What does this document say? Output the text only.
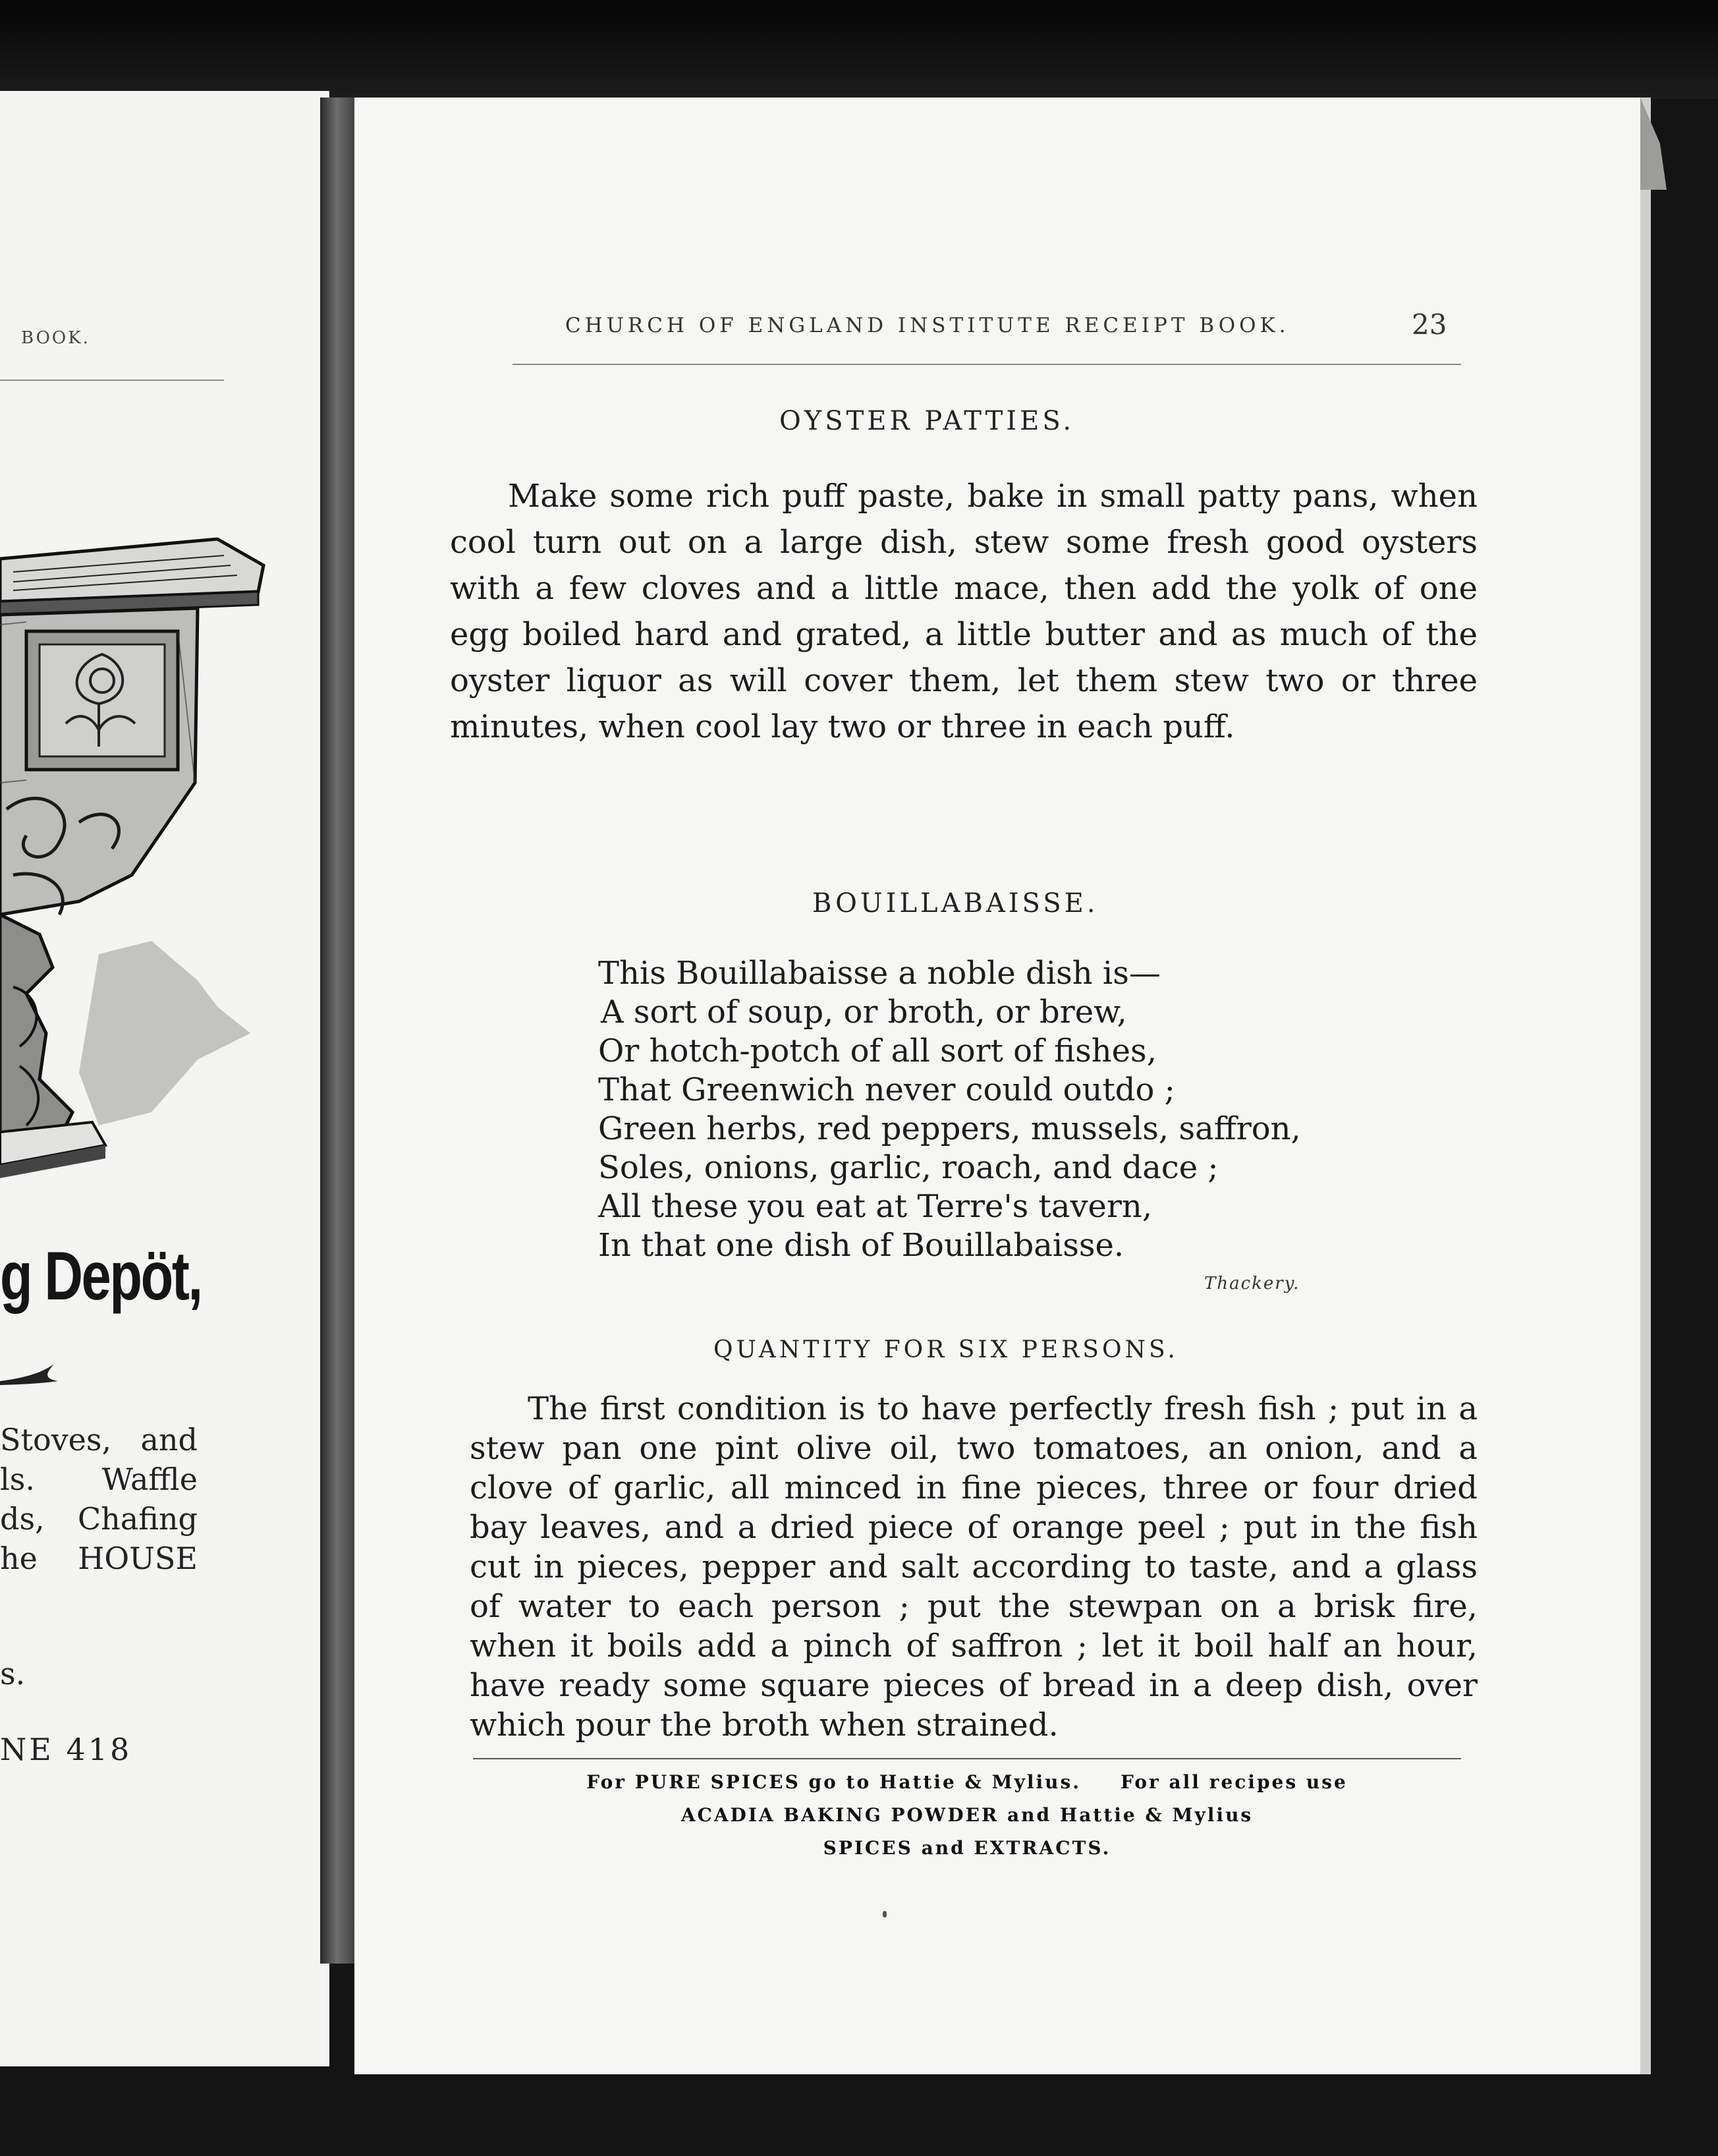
BOOK.
g Depöt,
Stoves, and
ls. Waffle
ds, Chafing
he HOUSE
s.
NE 418
CHURCH OF ENGLAND INSTITUTE RECEIPT BOOK.	23
OYSTER PATTIES.
Make some rich puff paste, bake in small patty pans, when cool turn out on a large dish, stew some fresh good oysters with a few cloves and a little mace, then add the yolk of one egg boiled hard and grated, a little butter and as much of the oyster liquor as will cover them, let them stew two or three minutes, when cool lay two or three in each puff.
BOUILLABAISSE.
This Bouillabaisse a noble dish is—
A sort of soup, or broth, or brew,
Or hotch-potch of all sort of fishes,
That Greenwich never could outdo ;
Green herbs, red peppers, mussels, saffron,
Soles, onions, garlic, roach, and dace ;
All these you eat at Terre's tavern,
In that one dish of Bouillabaisse.
Thackery.
QUANTITY FOR SIX PERSONS.
The first condition is to have perfectly fresh fish ; put in a stew pan one pint olive oil, two tomatoes, an onion, and a clove of garlic, all minced in fine pieces, three or four dried bay leaves, and a dried piece of orange peel ; put in the fish cut in pieces, pepper and salt according to taste, and a glass of water to each person ; put the stewpan on a brisk fire, when it boils add a pinch of saffron ; let it boil half an hour, have ready some square pieces of bread in a deep dish, over which pour the broth when strained.
For PURE SPICES go to Hattie & Mylius. For all recipes use
ACADIA BAKING POWDER and Hattie & Mylius
SPICES and EXTRACTS.
